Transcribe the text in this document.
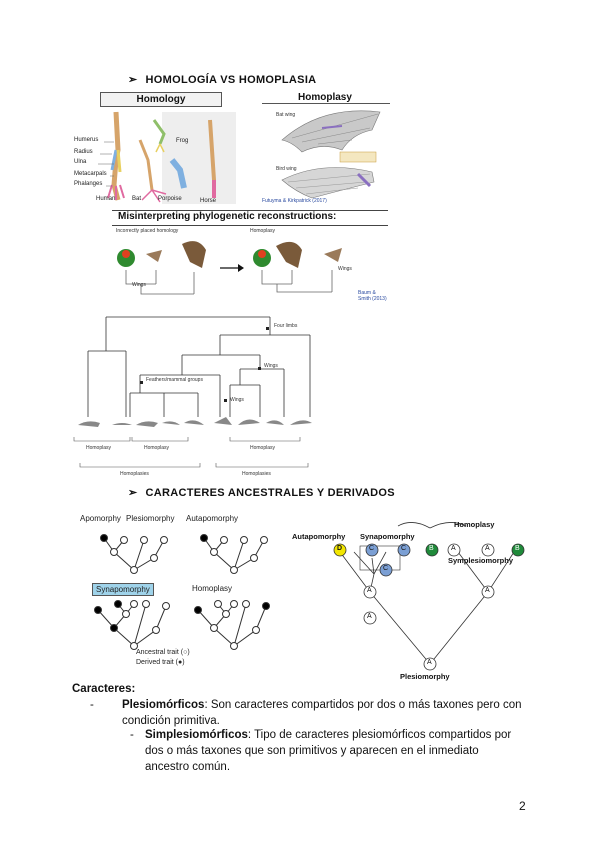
➢ HOMOLOGÍA VS HOMOPLASIA
Homology
Humerus
Radius
Ulna
Metacarpals
Phalanges
Human	Bat
Frog
Porpoise	Horse
Homoplasy
Bat wing
Bird wing
Futuyma & Kirkpatrick (2017)
Misinterpreting phylogenetic reconstructions:
Incorrectly placed homology	Homoplasy
Wings
Wings
Baum & Smith (2013)
Four limbs
Feathers/mammal groups
Wings
Wings
Homoplasy	Homoplasy	Homoplasy
Homoplasies	Homoplasies
➢ CARACTERES ANCESTRALES Y DERIVADOS
Apomorphy Plesiomorphy Autapomorphy
Synapomorphy	Homoplasy
Ancestral trait (○)
Derived trait (●)
Autapomorphy Synapomorphy
Homoplasy
Symplesiomorphy
Plesiomorphy
D	C	C
C
B A	A	B
A
A
A
A
Caracteres:
- Plesiomórficos: Son caracteres compartidos por dos o más taxones pero con condición primitiva.
- Simplesiomórficos: Tipo de caracteres plesiomórficos compartidos por dos o más taxones que son primitivos y aparecen en el inmediato ancestro común.
2
